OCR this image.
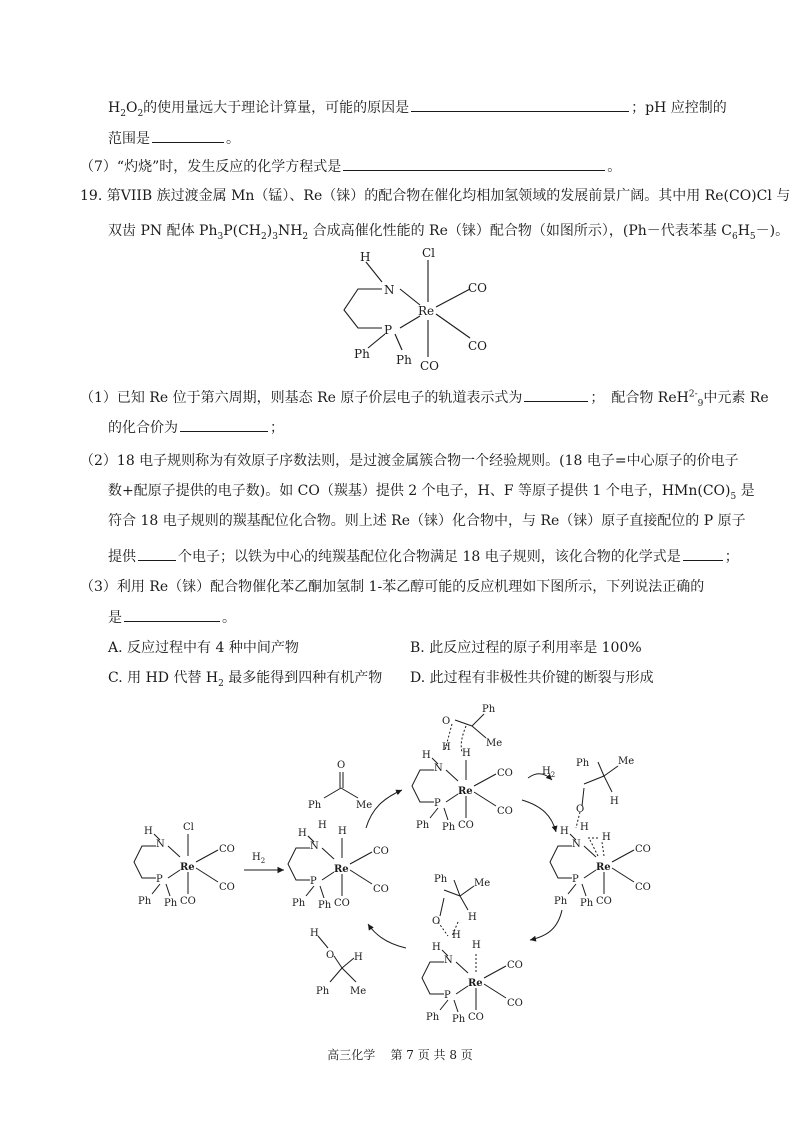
$H_2O_2$的使用量远大于理论计算量，可能的原因是	；pH 应控制的
范围是	。
（7）“灼烧”时，发生反应的化学方程式是	。
19. 第VIIB 族过渡金属 Mn（锰）、Re（铼）的配合物在催化均相加氢领域的发展前景广阔。其中用 Re(CO)Cl 与
双齿 PN 配体 $Ph_3P(CH_2)_3NH_2$ 合成高催化性能的 Re（铼）配合物（如图所示），(Ph－代表苯基 $C_6H_5-$)。
H	Cl
N
Re
P
CO
CO
CO
Ph Ph
（1）已知 Re 位于第六周期，则基态 Re 原子价层电子的轨道表示式为	；　配合物 ReH$^{2-}_9$中元素 Re
的化合价为	；
（2）18 电子规则称为有效原子序数法则，是过渡金属簇合物一个经验规则。(18 电子=中心原子的价电子
数+配原子提供的电子数)。如 CO（羰基）提供 2 个电子，H、F 等原子提供 1 个电子，$HMn(CO)_5$ 是
符合 18 电子规则的羰基配位化合物。则上述 Re（铼）化合物中，与 Re（铼）原子直接配位的 P 原子
提供	个电子；以铁为中心的纯羰基配位化合物满足 18 电子规则，该化合物的化学式是	；
（3）利用 Re（铼）配合物催化苯乙酮加氢制 1-苯乙醇可能的反应机理如下图所示，下列说法正确的
是	。
A. 反应过程中有 4 种中间产物	B. 此反应过程的原子利用率是 100%
C. 用 HD 代替 $H_2$ 最多能得到四种有机产物 D. 此过程有非极性共价键的断裂与形成
H	Cl
N
Re
P
CO
CO
CO
Ph Ph
$H_2$
H
H
H
N
Re
P
CO
CO
CO
Ph Ph
O
Ph	Me
H
H
H
N
Re
P
CO
CO
CO
Ph Ph
O
Ph
Me
$H_2$
H H
H
N
Re
P
CO
CO
CO
Ph Ph
Ph	Me
H
O
H
H
H
N
Re
P
CO
CO
CO
Ph Ph
Ph	Me
H
O
H
O H
Ph Me
高三化学 第 7 页 共 8 页
